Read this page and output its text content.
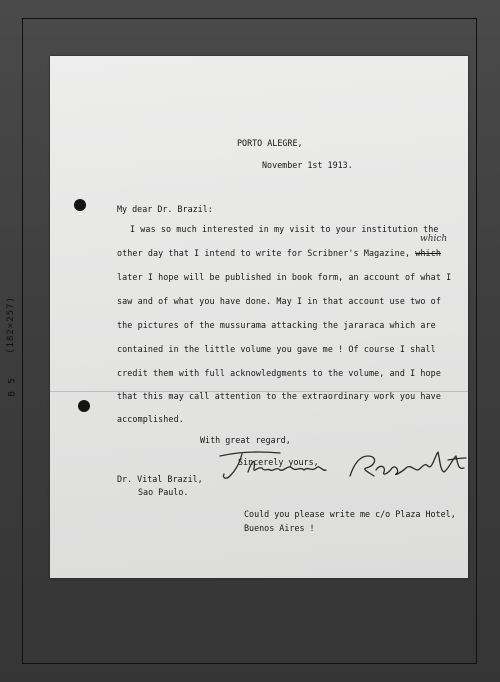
(182×257)
B 5
PORTO ALEGRE,
November 1st 1913.
My dear Dr. Brazil:
I was so much interested in my visit to your institution the
other day that I intend to write for Scribner's Magazine, which
which
later I hope will be published in book form, an account of what I
saw and of what you have done. May I in that account use two of
the pictures of the mussurama attacking the jararaca which are
contained in the little volume you gave me ! Of course I shall
credit them with full acknowledgments to the volume, and I hope
that this may call attention to the extraordinary work you have
accomplished.
With great regard,
Sincerely yours,
Dr. Vital Brazil,
Sao Paulo.
Could you please write me c/o Plaza Hotel,
Buenos Aires !
